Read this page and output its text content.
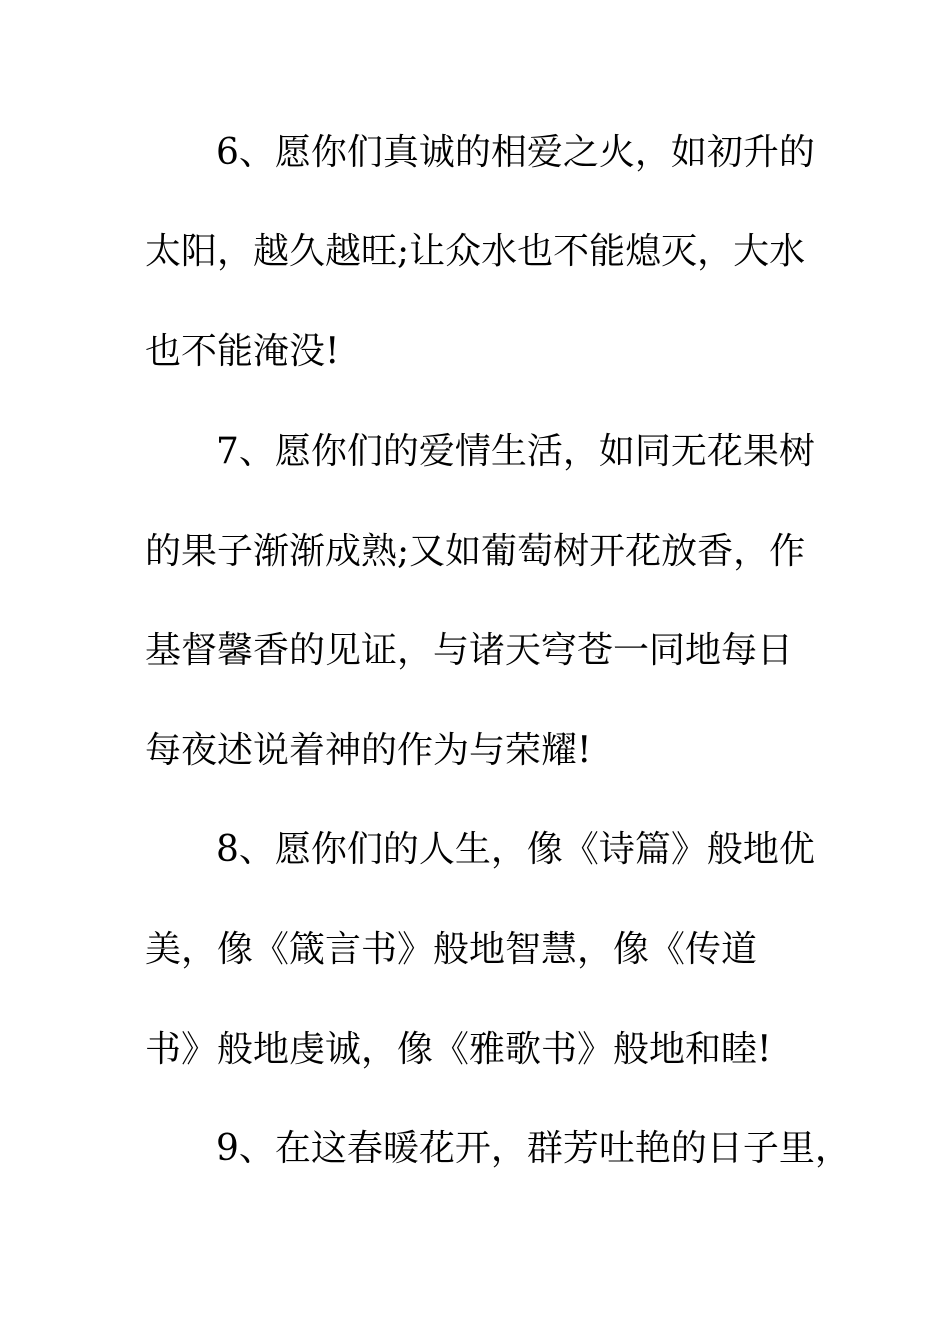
6、愿你们真诚的相爱之火，如初升的
太阳，越久越旺;让众水也不能熄灭，大水
也不能淹没!
7、愿你们的爱情生活，如同无花果树
的果子渐渐成熟;又如葡萄树开花放香，作
基督馨香的见证，与诸天穹苍一同地每日
每夜述说着神的作为与荣耀!
8、愿你们的人生，像《诗篇》般地优
美，像《箴言书》般地智慧，像《传道
书》般地虔诚，像《雅歌书》般地和睦!
9、在这春暖花开，群芳吐艳的日子里，
